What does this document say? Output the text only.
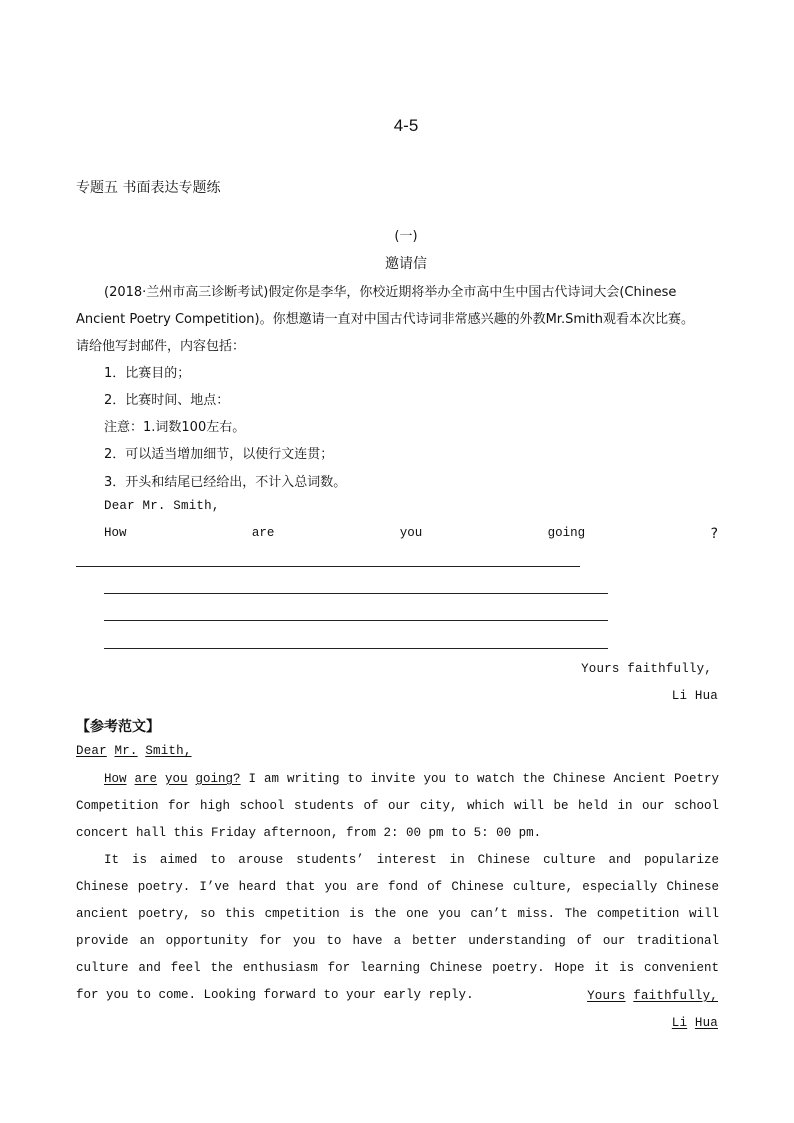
4-5
专题五 书面表达专题练
(一)
邀请信
(2018·兰州市高三诊断考试)假定你是李华，你校近期将举办全市高中生中国古代诗词大会(Chinese
Ancient Poetry Competition)。你想邀请一直对中国古代诗词非常感兴趣的外教Mr.Smith观看本次比赛。
请给他写封邮件，内容包括：
1．比赛目的；
2．比赛时间、地点：
注意：1.词数100左右。
2．可以适当增加细节，以使行文连贯；
3．开头和结尾已经给出，不计入总词数。
Dear Mr. Smith,
How	are	you	going	?
Yours faithfully,
Li Hua
【参考范文】
Dear Mr. Smith,
How are you going? I am writing to invite you to watch the Chinese Ancient Poetry Competition for high school students of our city, which will be held in our school concert hall this Friday afternoon, from 2: 00 pm to 5: 00 pm.
It is aimed to arouse students’ interest in Chinese culture and popularize Chinese poetry. I’ve heard that you are fond of Chinese culture, especially Chinese ancient poetry, so this cmpetition is the one you can’t miss. The competition will provide an opportunity for you to have a better understanding of our traditional culture and feel the enthusiasm for learning Chinese poetry. Hope it is convenient for you to come. Looking forward to your early reply.	Yours faithfully,
Li Hua
